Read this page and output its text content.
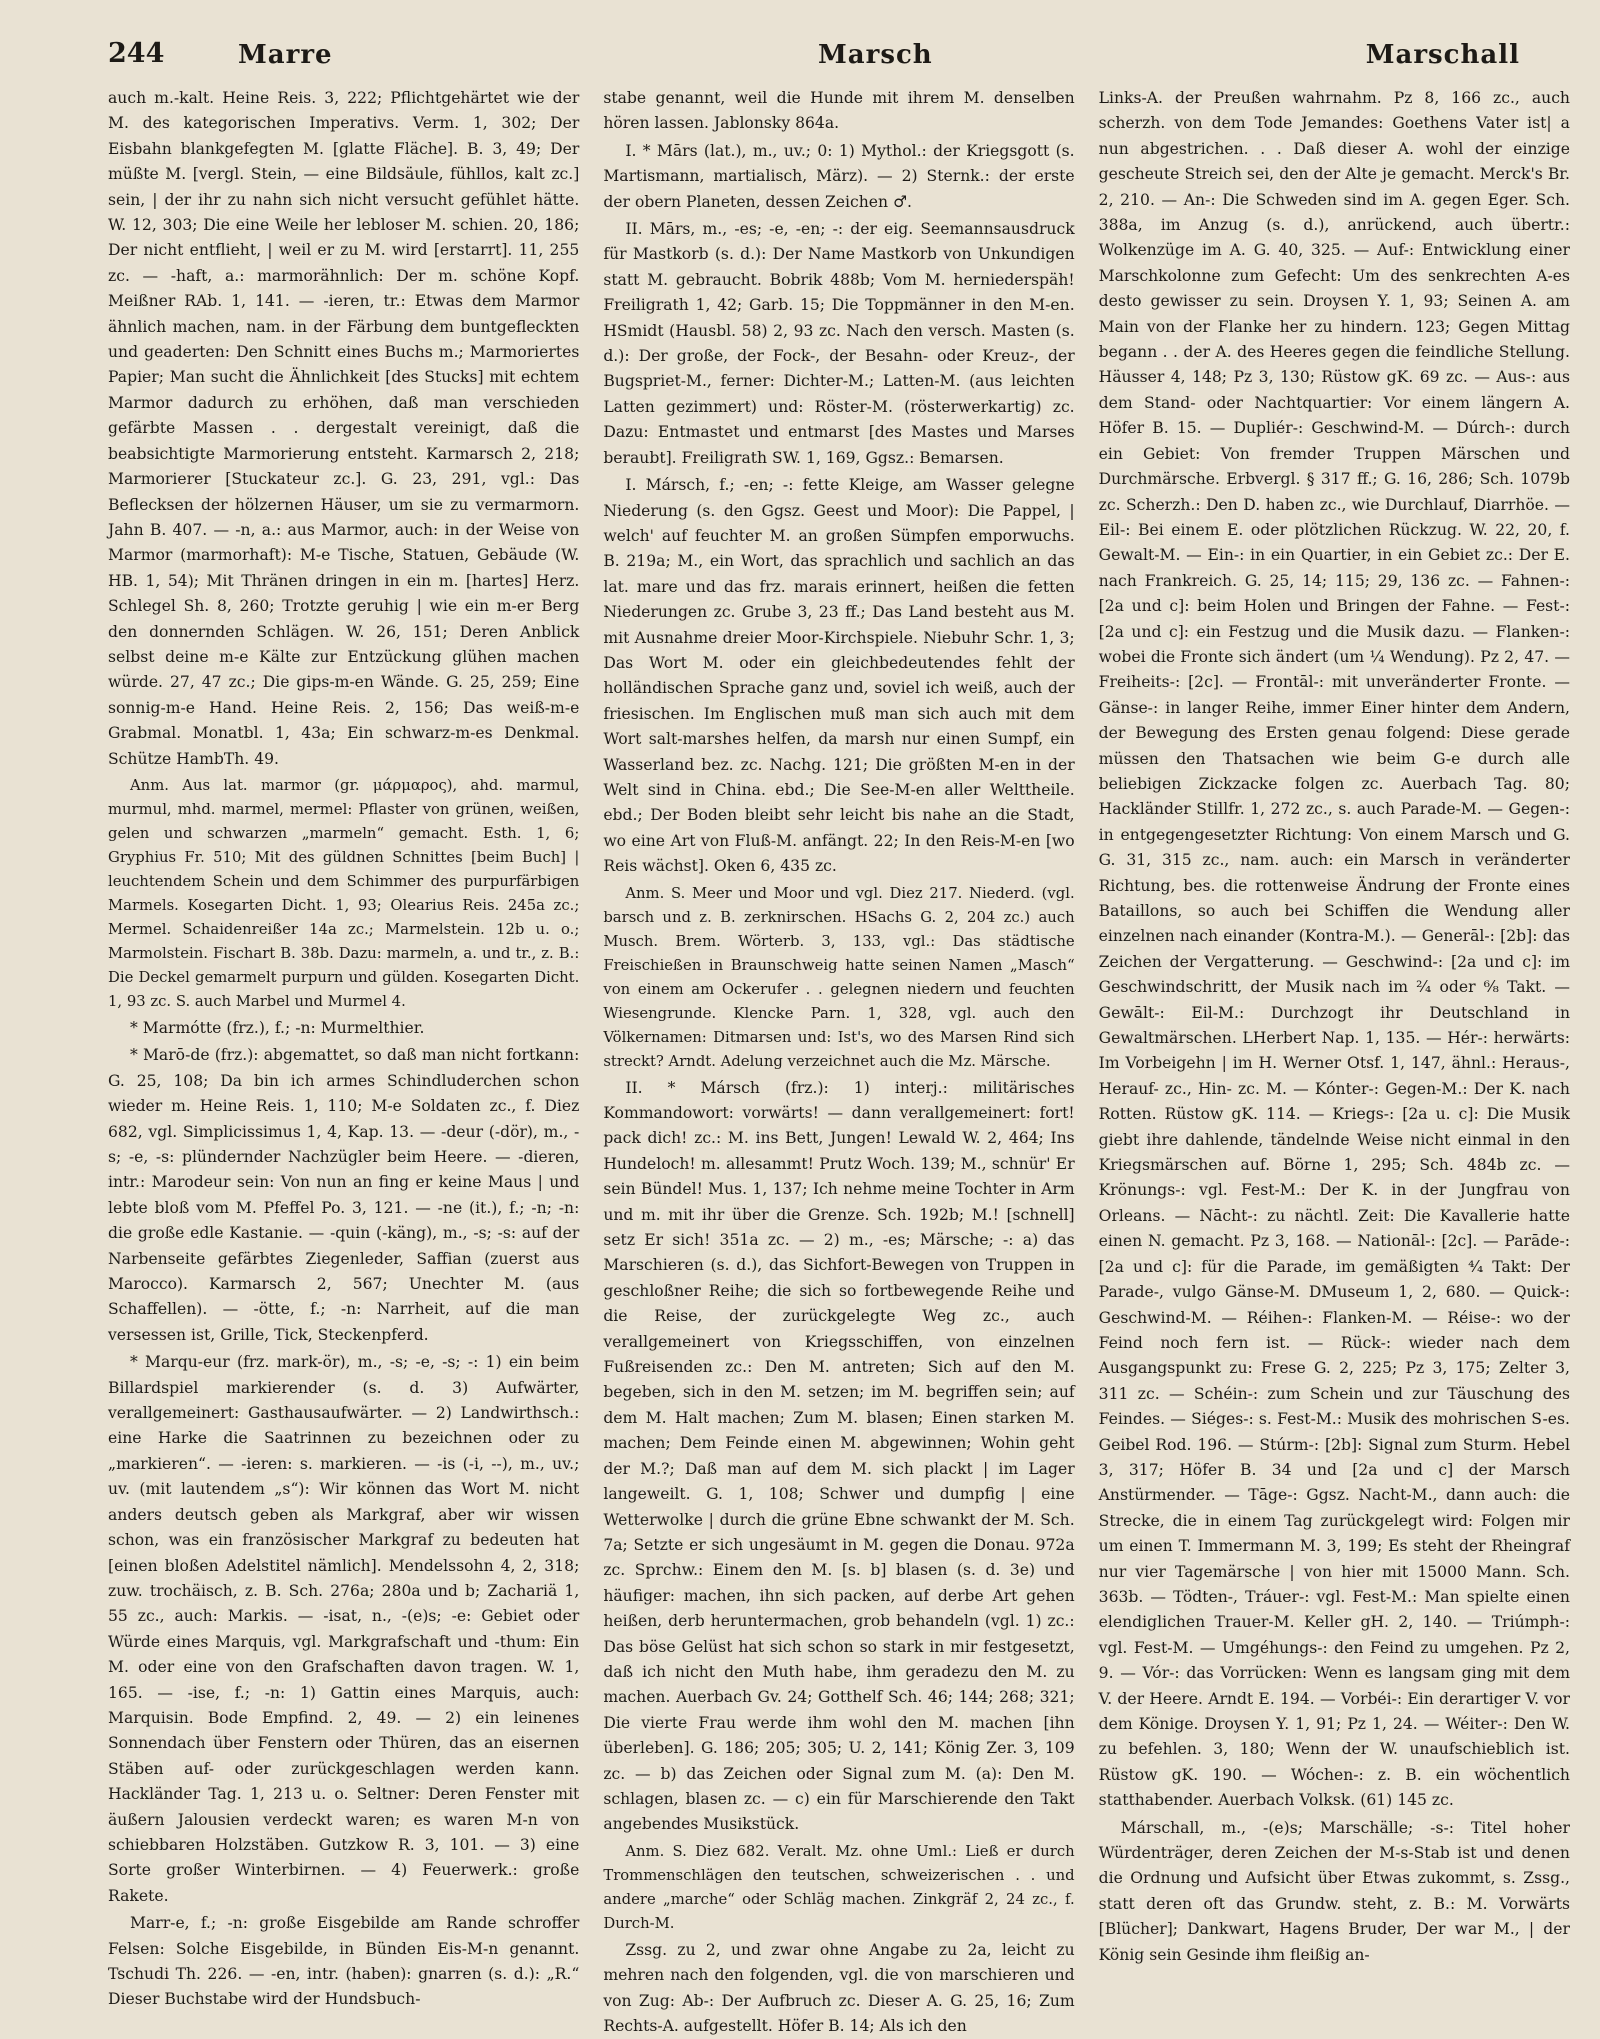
244	Marre	Marsch	Marschall

auch m.-kalt. Heine Reis. 3, 222; Pflichtgehärtet wie der M. des kategorischen Imperativs. Verm. 1, 302; Der Eisbahn blankgefegten M. [glatte Fläche]. B. 3, 49; Der müßte M. [vergl. Stein, — eine Bildsäule, fühllos, kalt zc.] sein, | der ihr zu nahn sich nicht versucht gefühlet hätte. W. 12, 303; Die eine Weile her lebloser M. schien. 20, 186; Der nicht entflieht, | weil er zu M. wird [erstarrt]. 11, 255 zc. — -haft, a.: marmorähnlich: Der m. schöne Kopf. Meißner RAb. 1, 141. — -ieren, tr.: Etwas dem Marmor ähnlich machen, nam. in der Färbung dem buntgefleckten und geaderten: Den Schnitt eines Buchs m.; Marmoriertes Papier; Man sucht die Ähnlichkeit [des Stucks] mit echtem Marmor dadurch zu erhöhen, daß man verschieden gefärbte Massen . . dergestalt vereinigt, daß die beabsichtigte Marmorierung entsteht. Karmarsch 2, 218; Marmorierer [Stuckateur zc.]. G. 23, 291, vgl.: Das Beflecksen der hölzernen Häuser, um sie zu vermarmorn. Jahn B. 407. — -n, a.: aus Marmor, auch: in der Weise von Marmor (marmorhaft): M-e Tische, Statuen, Gebäude (W. HB. 1, 54); Mit Thränen dringen in ein m. [hartes] Herz. Schlegel Sh. 8, 260; Trotzte geruhig | wie ein m-er Berg den donnernden Schlägen. W. 26, 151; Deren Anblick selbst deine m-e Kälte zur Entzückung glühen machen würde. 27, 47 zc.; Die gips-m-en Wände. G. 25, 259; Eine sonnig-m-e Hand. Heine Reis. 2, 156; Das weiß-m-e Grabmal. Monatbl. 1, 43a; Ein schwarz-m-es Denkmal. Schütze HambTh. 49.

Anm. Aus lat. marmor (gr. μάρμαρος), ahd. marmul, murmul, mhd. marmel, mermel: Pflaster von grünen, weißen, gelen und schwarzen „marmeln“ gemacht. Esth. 1, 6; Gryphius Fr. 510; Mit des güldnen Schnittes [beim Buch] | leuchtendem Schein und dem Schimmer des purpurfärbigen Marmels. Kosegarten Dicht. 1, 93; Olearius Reis. 245a zc.; Mermel. Schaidenreißer 14a zc.; Marmelstein. 12b u. o.; Marmolstein. Fischart B. 38b. Dazu: marmeln, a. und tr., z. B.: Die Deckel gemarmelt purpurn und gülden. Kosegarten Dicht. 1, 93 zc. S. auch Marbel und Murmel 4.

* Marmótte (frz.), f.; -n: Murmelthier.

* Marō-de (frz.): abgemattet, so daß man nicht fortkann: G. 25, 108; Da bin ich armes Schindluderchen schon wieder m. Heine Reis. 1, 110; M-e Soldaten zc., f. Diez 682, vgl. Simplicissimus 1, 4, Kap. 13. — -deur (-dör), m., -s; -e, -s: plündernder Nachzügler beim Heere. — -dieren, intr.: Marodeur sein: Von nun an fing er keine Maus | und lebte bloß vom M. Pfeffel Po. 3, 121. — -ne (it.), f.; -n; -n: die große edle Kastanie. — -quin (-käng), m., -s; -s: auf der Narbenseite gefärbtes Ziegenleder, Saffian (zuerst aus Marocco). Karmarsch 2, 567; Unechter M. (aus Schaffellen). — -ötte, f.; -n: Narrheit, auf die man versessen ist, Grille, Tick, Steckenpferd.

* Marqu-eur (frz. mark-ör), m., -s; -e, -s; -: 1) ein beim Billardspiel markierender (s. d. 3) Aufwärter, verallgemeinert: Gasthausaufwärter. — 2) Landwirthsch.: eine Harke die Saatrinnen zu bezeichnen oder zu „markieren“. — -ieren: s. markieren. — -is (-i, --), m., uv.; uv. (mit lautendem „s“): Wir können das Wort M. nicht anders deutsch geben als Markgraf, aber wir wissen schon, was ein französischer Markgraf zu bedeuten hat [einen bloßen Adelstitel nämlich]. Mendelssohn 4, 2, 318; zuw. trochäisch, z. B. Sch. 276a; 280a und b; Zachariä 1, 55 zc., auch: Markis. — -isat, n., -(e)s; -e: Gebiet oder Würde eines Marquis, vgl. Markgrafschaft und -thum: Ein M. oder eine von den Grafschaften davon tragen. W. 1, 165. — -ise, f.; -n: 1) Gattin eines Marquis, auch: Marquisin. Bode Empfind. 2, 49. — 2) ein leinenes Sonnendach über Fenstern oder Thüren, das an eisernen Stäben auf- oder zurückgeschlagen werden kann. Hackländer Tag. 1, 213 u. o. Seltner: Deren Fenster mit äußern Jalousien verdeckt waren; es waren M-n von schiebbaren Holzstäben. Gutzkow R. 3, 101. — 3) eine Sorte großer Winterbirnen. — 4) Feuerwerk.: große Rakete.

Marr-e, f.; -n: große Eisgebilde am Rande schroffer Felsen: Solche Eisgebilde, in Bünden Eis-M-n genannt. Tschudi Th. 226. — -en, intr. (haben): gnarren (s. d.): „R.“ Dieser Buchstabe wird der Hundsbuch-

stabe genannt, weil die Hunde mit ihrem M. denselben hören lassen. Jablonsky 864a.

I. * Mārs (lat.), m., uv.; 0: 1) Mythol.: der Kriegsgott (s. Martismann, martialisch, März). — 2) Sternk.: der erste der obern Planeten, dessen Zeichen ♂.

II. Mārs, m., -es; -e, -en; -: der eig. Seemannsausdruck für Mastkorb (s. d.): Der Name Mastkorb von Unkundigen statt M. gebraucht. Bobrik 488b; Vom M. herniederspäh! Freiligrath 1, 42; Garb. 15; Die Toppmänner in den M-en. HSmidt (Hausbl. 58) 2, 93 zc. Nach den versch. Masten (s. d.): Der große, der Fock-, der Besahn- oder Kreuz-, der Bugspriet-M., ferner: Dichter-M.; Latten-M. (aus leichten Latten gezimmert) und: Röster-M. (rösterwerkartig) zc. Dazu: Entmastet und entmarst [des Mastes und Marses beraubt]. Freiligrath SW. 1, 169, Ggsz.: Bemarsen.

I. Mársch, f.; -en; -: fette Kleige, am Wasser gelegne Niederung (s. den Ggsz. Geest und Moor): Die Pappel, | welch' auf feuchter M. an großen Sümpfen emporwuchs. B. 219a; M., ein Wort, das sprachlich und sachlich an das lat. mare und das frz. marais erinnert, heißen die fetten Niederungen zc. Grube 3, 23 ff.; Das Land besteht aus M. mit Ausnahme dreier Moor-Kirchspiele. Niebuhr Schr. 1, 3; Das Wort M. oder ein gleichbedeutendes fehlt der holländischen Sprache ganz und, soviel ich weiß, auch der friesischen. Im Englischen muß man sich auch mit dem Wort salt-marshes helfen, da marsh nur einen Sumpf, ein Wasserland bez. zc. Nachg. 121; Die größten M-en in der Welt sind in China. ebd.; Die See-M-en aller Welttheile. ebd.; Der Boden bleibt sehr leicht bis nahe an die Stadt, wo eine Art von Fluß-M. anfängt. 22; In den Reis-M-en [wo Reis wächst]. Oken 6, 435 zc.

Anm. S. Meer und Moor und vgl. Diez 217. Niederd. (vgl. barsch und z. B. zerknirschen. HSachs G. 2, 204 zc.) auch Musch. Brem. Wörterb. 3, 133, vgl.: Das städtische Freischießen in Braunschweig hatte seinen Namen „Masch“ von einem am Ockerufer . . gelegnen niedern und feuchten Wiesengrunde. Klencke Parn. 1, 328, vgl. auch den Völkernamen: Ditmarsen und: Ist's, wo des Marsen Rind sich streckt? Arndt. Adelung verzeichnet auch die Mz. Märsche.

II. * Mársch (frz.): 1) interj.: militärisches Kommandowort: vorwärts! — dann verallgemeinert: fort! pack dich! zc.: M. ins Bett, Jungen! Lewald W. 2, 464; Ins Hundeloch! m. allesammt! Prutz Woch. 139; M., schnür' Er sein Bündel! Mus. 1, 137; Ich nehme meine Tochter in Arm und m. mit ihr über die Grenze. Sch. 192b; M.! [schnell] setz Er sich! 351a zc. — 2) m., -es; Märsche; -: a) das Marschieren (s. d.), das Sichfort-Bewegen von Truppen in geschloßner Reihe; die sich so fortbewegende Reihe und die Reise, der zurückgelegte Weg zc., auch verallgemeinert von Kriegsschiffen, von einzelnen Fußreisenden zc.: Den M. antreten; Sich auf den M. begeben, sich in den M. setzen; im M. begriffen sein; auf dem M. Halt machen; Zum M. blasen; Einen starken M. machen; Dem Feinde einen M. abgewinnen; Wohin geht der M.?; Daß man auf dem M. sich plackt | im Lager langeweilt. G. 1, 108; Schwer und dumpfig | eine Wetterwolke | durch die grüne Ebne schwankt der M. Sch. 7a; Setzte er sich ungesäumt in M. gegen die Donau. 972a zc. Sprchw.: Einem den M. [s. b] blasen (s. d. 3e) und häufiger: machen, ihn sich packen, auf derbe Art gehen heißen, derb heruntermachen, grob behandeln (vgl. 1) zc.: Das böse Gelüst hat sich schon so stark in mir festgesetzt, daß ich nicht den Muth habe, ihm geradezu den M. zu machen. Auerbach Gv. 24; Gotthelf Sch. 46; 144; 268; 321; Die vierte Frau werde ihm wohl den M. machen [ihn überleben]. G. 186; 205; 305; U. 2, 141; König Zer. 3, 109 zc. — b) das Zeichen oder Signal zum M. (a): Den M. schlagen, blasen zc. — c) ein für Marschierende den Takt angebendes Musikstück.

Anm. S. Diez 682. Veralt. Mz. ohne Uml.: Ließ er durch Trommenschlägen den teutschen, schweizerischen . . und andere „marche“ oder Schläg machen. Zinkgräf 2, 24 zc., f. Durch-M.

Zssg. zu 2, und zwar ohne Angabe zu 2a, leicht zu mehren nach den folgenden, vgl. die von marschieren und von Zug: Ab-: Der Aufbruch zc. Dieser A. G. 25, 16; Zum Rechts-A. aufgestellt. Höfer B. 14; Als ich den

Links-A. der Preußen wahrnahm. Pz 8, 166 zc., auch scherzh. von dem Tode Jemandes: Goethens Vater ist| a nun abgestrichen. . . Daß dieser A. wohl der einzige gescheute Streich sei, den der Alte je gemacht. Merck's Br. 2, 210. — An-: Die Schweden sind im A. gegen Eger. Sch. 388a, im Anzug (s. d.), anrückend, auch übertr.: Wolkenzüge im A. G. 40, 325. — Auf-: Entwicklung einer Marschkolonne zum Gefecht: Um des senkrechten A-es desto gewisser zu sein. Droysen Y. 1, 93; Seinen A. am Main von der Flanke her zu hindern. 123; Gegen Mittag begann . . der A. des Heeres gegen die feindliche Stellung. Häusser 4, 148; Pz 3, 130; Rüstow gK. 69 zc. — Aus-: aus dem Stand- oder Nachtquartier: Vor einem längern A. Höfer B. 15. — Dupliér-: Geschwind-M. — Dúrch-: durch ein Gebiet: Von fremder Truppen Märschen und Durchmärsche. Erbvergl. § 317 ff.; G. 16, 286; Sch. 1079b zc. Scherzh.: Den D. haben zc., wie Durchlauf, Diarrhöe. — Eil-: Bei einem E. oder plötzlichen Rückzug. W. 22, 20, f. Gewalt-M. — Ein-: in ein Quartier, in ein Gebiet zc.: Der E. nach Frankreich. G. 25, 14; 115; 29, 136 zc. — Fahnen-: [2a und c]: beim Holen und Bringen der Fahne. — Fest-: [2a und c]: ein Festzug und die Musik dazu. — Flanken-: wobei die Fronte sich ändert (um ¼ Wendung). Pz 2, 47. — Freiheits-: [2c]. — Frontāl-: mit unveränderter Fronte. — Gänse-: in langer Reihe, immer Einer hinter dem Andern, der Bewegung des Ersten genau folgend: Diese gerade müssen den Thatsachen wie beim G-e durch alle beliebigen Zickzacke folgen zc. Auerbach Tag. 80; Hackländer Stillfr. 1, 272 zc., s. auch Parade-M. — Gegen-: in entgegengesetzter Richtung: Von einem Marsch und G. G. 31, 315 zc., nam. auch: ein Marsch in veränderter Richtung, bes. die rottenweise Ändrung der Fronte eines Bataillons, so auch bei Schiffen die Wendung aller einzelnen nach einander (Kontra-M.). — Generāl-: [2b]: das Zeichen der Vergatterung. — Geschwind-: [2a und c]: im Geschwindschritt, der Musik nach im ²⁄₄ oder ⁶⁄₈ Takt. — Gewālt-: Eil-M.: Durchzogt ihr Deutschland in Gewaltmärschen. LHerbert Nap. 1, 135. — Hér-: herwärts: Im Vorbeigehn | im H. Werner Otsf. 1, 147, ähnl.: Heraus-, Herauf- zc., Hin- zc. M. — Kónter-: Gegen-M.: Der K. nach Rotten. Rüstow gK. 114. — Kriegs-: [2a u. c]: Die Musik giebt ihre dahlende, tändelnde Weise nicht einmal in den Kriegsmärschen auf. Börne 1, 295; Sch. 484b zc. — Krönungs-: vgl. Fest-M.: Der K. in der Jungfrau von Orleans. — Nācht-: zu nächtl. Zeit: Die Kavallerie hatte einen N. gemacht. Pz 3, 168. — Nationāl-: [2c]. — Parāde-: [2a und c]: für die Parade, im gemäßigten ⁴⁄₄ Takt: Der Parade-, vulgo Gänse-M. DMuseum 1, 2, 680. — Quick-: Geschwind-M. — Réihen-: Flanken-M. — Réise-: wo der Feind noch fern ist. — Rück-: wieder nach dem Ausgangspunkt zu: Frese G. 2, 225; Pz 3, 175; Zelter 3, 311 zc. — Schéin-: zum Schein und zur Täuschung des Feindes. — Siéges-: s. Fest-M.: Musik des mohrischen S-es. Geibel Rod. 196. — Stúrm-: [2b]: Signal zum Sturm. Hebel 3, 317; Höfer B. 34 und [2a und c] der Marsch Anstürmender. — Tāge-: Ggsz. Nacht-M., dann auch: die Strecke, die in einem Tag zurückgelegt wird: Folgen mir um einen T. Immermann M. 3, 199; Es steht der Rheingraf nur vier Tagemärsche | von hier mit 15000 Mann. Sch. 363b. — Tödten-, Tráuer-: vgl. Fest-M.: Man spielte einen elendiglichen Trauer-M. Keller gH. 2, 140. — Triúmph-: vgl. Fest-M. — Umgéhungs-: den Feind zu umgehen. Pz 2, 9. — Vór-: das Vorrücken: Wenn es langsam ging mit dem V. der Heere. Arndt E. 194. — Vorbéi-: Ein derartiger V. vor dem Könige. Droysen Y. 1, 91; Pz 1, 24. — Wéiter-: Den W. zu befehlen. 3, 180; Wenn der W. unaufschieblich ist. Rüstow gK. 190. — Wóchen-: z. B. ein wöchentlich statthabender. Auerbach Volksk. (61) 145 zc.

Márschall, m., -(e)s; Marschälle; -s-: Titel hoher Würdenträger, deren Zeichen der M-s-Stab ist und denen die Ordnung und Aufsicht über Etwas zukommt, s. Zssg., statt deren oft das Grundw. steht, z. B.: M. Vorwärts [Blücher]; Dankwart, Hagens Bruder, Der war M., | der König sein Gesinde ihm fleißig an-
